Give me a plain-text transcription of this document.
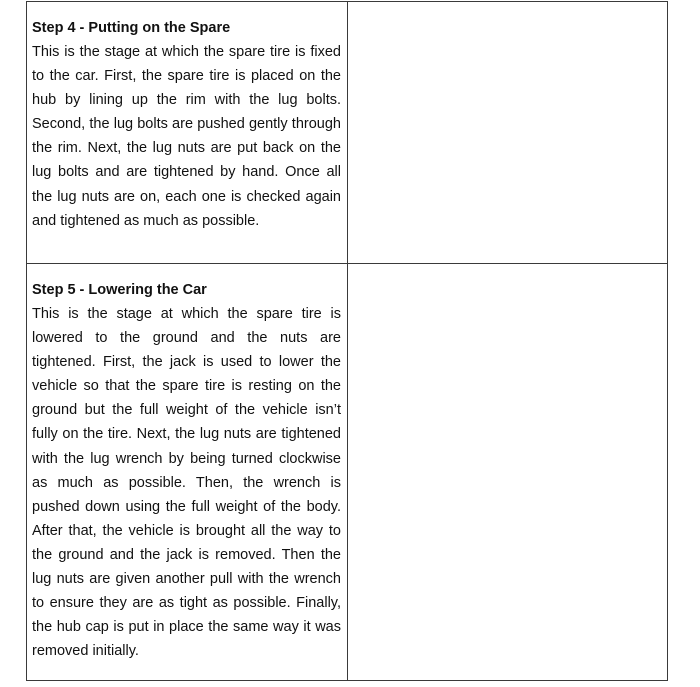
Step 4 - Putting on the Spare

This is the stage at which the spare tire is fixed to the car. First, the spare tire is placed on the hub by lining up the rim with the lug bolts. Second, the lug bolts are pushed gently through the rim. Next, the lug nuts are put back on the lug bolts and are tightened by hand. Once all the lug nuts are on, each one is checked again and tightened as much as possible.

Step 5 - Lowering the Car

This is the stage at which the spare tire is lowered to the ground and the nuts are tightened. First, the jack is used to lower the vehicle so that the spare tire is resting on the ground but the full weight of the vehicle isn’t fully on the tire. Next, the lug nuts are tightened with the lug wrench by being turned clockwise as much as possible. Then, the wrench is pushed down using the full weight of the body. After that, the vehicle is brought all the way to the ground and the jack is removed. Then the lug nuts are given another pull with the wrench to ensure they are as tight as possible. Finally, the hub cap is put in place the same way it was removed initially.
